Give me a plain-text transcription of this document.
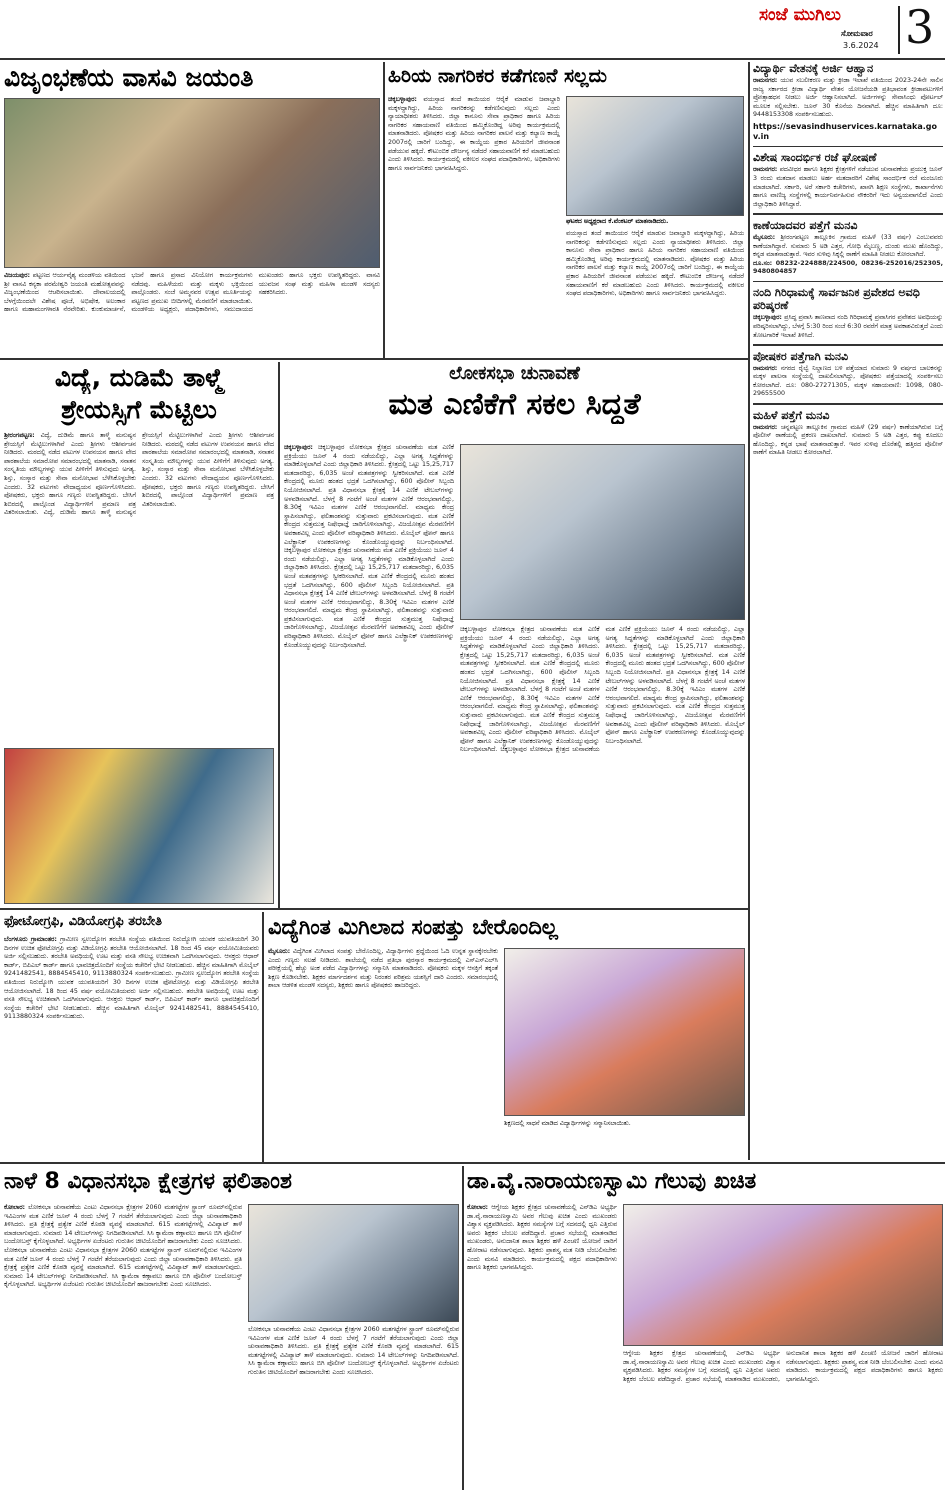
ಸಂಜೆ ಮುಗಿಲು
ಸೋಮವಾರ
3.6.2024 3
ವಿಜೃಂಭಣೆಯ ವಾಸವಿ ಜಯಂತಿ
ವಿಜಯಪುರ: ಪಟ್ಟಣದ ಆರ್ಯವೈಶ್ಯ ಮಂಡಳಿಯ ವತಿಯಿಂದ ಶ್ರೀ ವಾಸವಿ ಕನ್ಯಕಾ ಪರಮೇಶ್ವರಿ ಜಯಂತಿ ಮಹೋತ್ಸವವನ್ನು ವಿಜೃಂಭಣೆಯಿಂದ ಆಚರಿಸಲಾಯಿತು. ದೇವಾಲಯದಲ್ಲಿ ಬೆಳಗ್ಗೆಯಿಂದಲೇ ವಿಶೇಷ ಪೂಜೆ, ಅಭಿಷೇಕ, ಅಲಂಕಾರ ಹಾಗೂ ಮಹಾಮಂಗಳಾರತಿ ನೆರವೇರಿತು. ಕುಂಕುಮಾರ್ಚನೆ, ಭಜನೆ ಹಾಗೂ ಪ್ರಸಾದ ವಿನಿಯೋಗ ಕಾರ್ಯಕ್ರಮಗಳು ನಡೆದವು. ಮಹಿಳೆಯರು ಮತ್ತು ಮಕ್ಕಳು ಭಕ್ತಿಯಿಂದ ಪಾಲ್ಗೊಂಡರು. ಸಂಜೆ ಅಮ್ಮನವರ ಉತ್ಸವ ಮೂರ್ತಿಯನ್ನು ಪಟ್ಟಣದ ಪ್ರಮುಖ ಬೀದಿಗಳಲ್ಲಿ ಮೆರವಣಿಗೆ ಮಾಡಲಾಯಿತು. ಮಂಡಳಿಯ ಅಧ್ಯಕ್ಷರು, ಪದಾಧಿಕಾರಿಗಳು, ಸಮುದಾಯದ ಮುಖಂಡರು ಹಾಗೂ ಭಕ್ತರು ಉಪಸ್ಥಿತರಿದ್ದರು. ವಾಸವಿ ಯುವಜನ ಸಂಘ ಮತ್ತು ಮಹಿಳಾ ಮಂಡಳಿ ಸದಸ್ಯರು ಸಹಕರಿಸಿದರು.
ಹಿರಿಯ ನಾಗರಿಕರ ಕಡೆಗಣನೆ ಸಲ್ಲದು
ಚಿಕ್ಕಬಳ್ಳಾಪುರ: ವಯಸ್ಸಾದ ತಂದೆ ತಾಯಿಯರ ಆರೈಕೆ ಮಾಡುವ ಜವಾಬ್ದಾರಿ ಮಕ್ಕಳದ್ದಾಗಿದ್ದು, ಹಿರಿಯ ನಾಗರಿಕರನ್ನು ಕಡೆಗಣಿಸುವುದು ಸಲ್ಲದು ಎಂದು ನ್ಯಾಯಾಧೀಶರು ತಿಳಿಸಿದರು. ಜಿಲ್ಲಾ ಕಾನೂನು ಸೇವಾ ಪ್ರಾಧಿಕಾರ ಹಾಗೂ ಹಿರಿಯ ನಾಗರಿಕರ ಸಹಾಯವಾಣಿ ವತಿಯಿಂದ ಹಮ್ಮಿಕೊಂಡಿದ್ದ ಅರಿವು ಕಾರ್ಯಕ್ರಮದಲ್ಲಿ ಮಾತನಾಡಿದರು. ಪೋಷಕರ ಮತ್ತು ಹಿರಿಯ ನಾಗರಿಕರ ಪಾಲನೆ ಮತ್ತು ಕಲ್ಯಾಣ ಕಾಯ್ದೆ 2007ರಲ್ಲಿ ಜಾರಿಗೆ ಬಂದಿದ್ದು, ಈ ಕಾಯ್ದೆಯ ಪ್ರಕಾರ ಹಿರಿಯರಿಗೆ ಜೀವನಾಂಶ ಪಡೆಯುವ ಹಕ್ಕಿದೆ. ಕೌಟುಂಬಿಕ ದೌರ್ಜನ್ಯ ನಡೆದರೆ ಸಹಾಯವಾಣಿಗೆ ಕರೆ ಮಾಡಬಹುದು ಎಂದು ತಿಳಿಸಿದರು. ಕಾರ್ಯಕ್ರಮದಲ್ಲಿ ವಕೀಲರ ಸಂಘದ ಪದಾಧಿಕಾರಿಗಳು, ಅಧಿಕಾರಿಗಳು ಹಾಗೂ ಸಾರ್ವಜನಿಕರು ಭಾಗವಹಿಸಿದ್ದರು.
ಘಟಕದ ಅಧ್ಯಕ್ಷರಾದ ಕೆ.ವೆಂಕಟರ್ ಮಾತನಾಡಿದರು.
ವಯಸ್ಸಾದ ತಂದೆ ತಾಯಿಯರ ಆರೈಕೆ ಮಾಡುವ ಜವಾಬ್ದಾರಿ ಮಕ್ಕಳದ್ದಾಗಿದ್ದು, ಹಿರಿಯ ನಾಗರಿಕರನ್ನು ಕಡೆಗಣಿಸುವುದು ಸಲ್ಲದು ಎಂದು ನ್ಯಾಯಾಧೀಶರು ತಿಳಿಸಿದರು. ಜಿಲ್ಲಾ ಕಾನೂನು ಸೇವಾ ಪ್ರಾಧಿಕಾರ ಹಾಗೂ ಹಿರಿಯ ನಾಗರಿಕರ ಸಹಾಯವಾಣಿ ವತಿಯಿಂದ ಹಮ್ಮಿಕೊಂಡಿದ್ದ ಅರಿವು ಕಾರ್ಯಕ್ರಮದಲ್ಲಿ ಮಾತನಾಡಿದರು. ಪೋಷಕರ ಮತ್ತು ಹಿರಿಯ ನಾಗರಿಕರ ಪಾಲನೆ ಮತ್ತು ಕಲ್ಯಾಣ ಕಾಯ್ದೆ 2007ರಲ್ಲಿ ಜಾರಿಗೆ ಬಂದಿದ್ದು, ಈ ಕಾಯ್ದೆಯ ಪ್ರಕಾರ ಹಿರಿಯರಿಗೆ ಜೀವನಾಂಶ ಪಡೆಯುವ ಹಕ್ಕಿದೆ. ಕೌಟುಂಬಿಕ ದೌರ್ಜನ್ಯ ನಡೆದರೆ ಸಹಾಯವಾಣಿಗೆ ಕರೆ ಮಾಡಬಹುದು ಎಂದು ತಿಳಿಸಿದರು. ಕಾರ್ಯಕ್ರಮದಲ್ಲಿ ವಕೀಲರ ಸಂಘದ ಪದಾಧಿಕಾರಿಗಳು, ಅಧಿಕಾರಿಗಳು ಹಾಗೂ ಸಾರ್ವಜನಿಕರು ಭಾಗವಹಿಸಿದ್ದರು.
ವಿದ್ಯೆ, ದುಡಿಮೆ ತಾಳ್ಮೆ
ಶ್ರೇಯಸ್ಸಿಗೆ ಮೆಟ್ಟಿಲು
ಶ್ರೀರಂಗಪಟ್ಟಣ: ವಿದ್ಯೆ, ದುಡಿಮೆ ಹಾಗೂ ತಾಳ್ಮೆ ಮನುಷ್ಯನ ಶ್ರೇಯಸ್ಸಿಗೆ ಮೆಟ್ಟಿಲುಗಳಾಗಿವೆ ಎಂದು ಶ್ರೀಗಳು ಆಶೀರ್ವಚನ ನೀಡಿದರು. ಮಠದಲ್ಲಿ ನಡೆದ ವಟುಗಳ ಉಪನಯನ ಹಾಗೂ ವೇದ ಪಾಠಶಾಲೆಯ ಸಮಾರೋಪ ಸಮಾರಂಭದಲ್ಲಿ ಮಾತನಾಡಿ, ಸನಾತನ ಸಂಸ್ಕೃತಿಯ ಮೌಲ್ಯಗಳನ್ನು ಯುವ ಪೀಳಿಗೆಗೆ ತಿಳಿಸುವುದು ಅಗತ್ಯ. ಶಿಸ್ತು, ಸಂಸ್ಕಾರ ಮತ್ತು ಸೇವಾ ಮನೋಭಾವ ಬೆಳೆಸಿಕೊಳ್ಳಬೇಕು ಎಂದರು. 32 ವಟುಗಳು ವೇದಾಧ್ಯಯನ ಪೂರ್ಣಗೊಳಿಸಿದರು. ಪೋಷಕರು, ಭಕ್ತರು ಹಾಗೂ ಗಣ್ಯರು ಉಪಸ್ಥಿತರಿದ್ದರು. ಬೇಸಿಗೆ ಶಿಬಿರದಲ್ಲಿ ಪಾಲ್ಗೊಂಡ ವಿದ್ಯಾರ್ಥಿಗಳಿಗೆ ಪ್ರಮಾಣ ಪತ್ರ ವಿತರಿಸಲಾಯಿತು. ವಿದ್ಯೆ, ದುಡಿಮೆ ಹಾಗೂ ತಾಳ್ಮೆ ಮನುಷ್ಯನ ಶ್ರೇಯಸ್ಸಿಗೆ ಮೆಟ್ಟಿಲುಗಳಾಗಿವೆ ಎಂದು ಶ್ರೀಗಳು ಆಶೀರ್ವಚನ ನೀಡಿದರು. ಮಠದಲ್ಲಿ ನಡೆದ ವಟುಗಳ ಉಪನಯನ ಹಾಗೂ ವೇದ ಪಾಠಶಾಲೆಯ ಸಮಾರೋಪ ಸಮಾರಂಭದಲ್ಲಿ ಮಾತನಾಡಿ, ಸನಾತನ ಸಂಸ್ಕೃತಿಯ ಮೌಲ್ಯಗಳನ್ನು ಯುವ ಪೀಳಿಗೆಗೆ ತಿಳಿಸುವುದು ಅಗತ್ಯ. ಶಿಸ್ತು, ಸಂಸ್ಕಾರ ಮತ್ತು ಸೇವಾ ಮನೋಭಾವ ಬೆಳೆಸಿಕೊಳ್ಳಬೇಕು ಎಂದರು. 32 ವಟುಗಳು ವೇದಾಧ್ಯಯನ ಪೂರ್ಣಗೊಳಿಸಿದರು. ಪೋಷಕರು, ಭಕ್ತರು ಹಾಗೂ ಗಣ್ಯರು ಉಪಸ್ಥಿತರಿದ್ದರು. ಬೇಸಿಗೆ ಶಿಬಿರದಲ್ಲಿ ಪಾಲ್ಗೊಂಡ ವಿದ್ಯಾರ್ಥಿಗಳಿಗೆ ಪ್ರಮಾಣ ಪತ್ರ ವಿತರಿಸಲಾಯಿತು.
ಲೋಕಸಭಾ ಚುನಾವಣೆ
ಮತ ಎಣಿಕೆಗೆ ಸಕಲ ಸಿದ್ಧತೆ
ಚಿಕ್ಕಬಳ್ಳಾಪುರ: ಚಿಕ್ಕಬಳ್ಳಾಪುರ ಲೋಕಸಭಾ ಕ್ಷೇತ್ರದ ಚುನಾವಣೆಯ ಮತ ಎಣಿಕೆ ಪ್ರಕ್ರಿಯೆಯು ಜೂನ್ 4 ರಂದು ನಡೆಯಲಿದ್ದು, ಎಲ್ಲಾ ಅಗತ್ಯ ಸಿದ್ಧತೆಗಳನ್ನು ಮಾಡಿಕೊಳ್ಳಲಾಗಿದೆ ಎಂದು ಜಿಲ್ಲಾಧಿಕಾರಿ ತಿಳಿಸಿದರು. ಕ್ಷೇತ್ರದಲ್ಲಿ ಒಟ್ಟು 15,25,717 ಮತದಾರರಿದ್ದು, 6,035 ಅಂಚೆ ಮತಪತ್ರಗಳನ್ನು ಸ್ವೀಕರಿಸಲಾಗಿದೆ. ಮತ ಎಣಿಕೆ ಕೇಂದ್ರದಲ್ಲಿ ಮೂರು ಹಂತದ ಭದ್ರತೆ ಒದಗಿಸಲಾಗಿದ್ದು, 600 ಪೊಲೀಸ್ ಸಿಬ್ಬಂದಿ ನಿಯೋಜಿಸಲಾಗಿದೆ. ಪ್ರತಿ ವಿಧಾನಸಭಾ ಕ್ಷೇತ್ರಕ್ಕೆ 14 ಎಣಿಕೆ ಟೇಬಲ್‌ಗಳನ್ನು ಅಳವಡಿಸಲಾಗಿದೆ. ಬೆಳಗ್ಗೆ 8 ಗಂಟೆಗೆ ಅಂಚೆ ಮತಗಳ ಎಣಿಕೆ ಆರಂಭವಾಗಲಿದ್ದು, 8.30ಕ್ಕೆ ಇವಿಎಂ ಮತಗಳ ಎಣಿಕೆ ಆರಂಭವಾಗಲಿದೆ. ಮಾಧ್ಯಮ ಕೇಂದ್ರ ಸ್ಥಾಪಿಸಲಾಗಿದ್ದು, ಫಲಿತಾಂಶವನ್ನು ಸುತ್ತುವಾರು ಪ್ರಕಟಿಸಲಾಗುವುದು. ಮತ ಎಣಿಕೆ ಕೇಂದ್ರದ ಸುತ್ತಮುತ್ತ ನಿಷೇಧಾಜ್ಞೆ ಜಾರಿಗೊಳಿಸಲಾಗಿದ್ದು, ವಿಜಯೋತ್ಸವ ಮೆರವಣಿಗೆಗೆ ಅವಕಾಶವಿಲ್ಲ ಎಂದು ಪೊಲೀಸ್ ವರಿಷ್ಠಾಧಿಕಾರಿ ತಿಳಿಸಿದರು. ಮೊಬೈಲ್ ಫೋನ್ ಹಾಗೂ ಎಲೆಕ್ಟ್ರಾನಿಕ್ ಉಪಕರಣಗಳನ್ನು ಕೊಂಡೊಯ್ಯುವುದನ್ನು ನಿರ್ಬಂಧಿಸಲಾಗಿದೆ. ಚಿಕ್ಕಬಳ್ಳಾಪುರ ಲೋಕಸಭಾ ಕ್ಷೇತ್ರದ ಚುನಾವಣೆಯ ಮತ ಎಣಿಕೆ ಪ್ರಕ್ರಿಯೆಯು ಜೂನ್ 4 ರಂದು ನಡೆಯಲಿದ್ದು, ಎಲ್ಲಾ ಅಗತ್ಯ ಸಿದ್ಧತೆಗಳನ್ನು ಮಾಡಿಕೊಳ್ಳಲಾಗಿದೆ ಎಂದು ಜಿಲ್ಲಾಧಿಕಾರಿ ತಿಳಿಸಿದರು. ಕ್ಷೇತ್ರದಲ್ಲಿ ಒಟ್ಟು 15,25,717 ಮತದಾರರಿದ್ದು, 6,035 ಅಂಚೆ ಮತಪತ್ರಗಳನ್ನು ಸ್ವೀಕರಿಸಲಾಗಿದೆ. ಮತ ಎಣಿಕೆ ಕೇಂದ್ರದಲ್ಲಿ ಮೂರು ಹಂತದ ಭದ್ರತೆ ಒದಗಿಸಲಾಗಿದ್ದು, 600 ಪೊಲೀಸ್ ಸಿಬ್ಬಂದಿ ನಿಯೋಜಿಸಲಾಗಿದೆ. ಪ್ರತಿ ವಿಧಾನಸಭಾ ಕ್ಷೇತ್ರಕ್ಕೆ 14 ಎಣಿಕೆ ಟೇಬಲ್‌ಗಳನ್ನು ಅಳವಡಿಸಲಾಗಿದೆ. ಬೆಳಗ್ಗೆ 8 ಗಂಟೆಗೆ ಅಂಚೆ ಮತಗಳ ಎಣಿಕೆ ಆರಂಭವಾಗಲಿದ್ದು, 8.30ಕ್ಕೆ ಇವಿಎಂ ಮತಗಳ ಎಣಿಕೆ ಆರಂಭವಾಗಲಿದೆ. ಮಾಧ್ಯಮ ಕೇಂದ್ರ ಸ್ಥಾಪಿಸಲಾಗಿದ್ದು, ಫಲಿತಾಂಶವನ್ನು ಸುತ್ತುವಾರು ಪ್ರಕಟಿಸಲಾಗುವುದು. ಮತ ಎಣಿಕೆ ಕೇಂದ್ರದ ಸುತ್ತಮುತ್ತ ನಿಷೇಧಾಜ್ಞೆ ಜಾರಿಗೊಳಿಸಲಾಗಿದ್ದು, ವಿಜಯೋತ್ಸವ ಮೆರವಣಿಗೆಗೆ ಅವಕಾಶವಿಲ್ಲ ಎಂದು ಪೊಲೀಸ್ ವರಿಷ್ಠಾಧಿಕಾರಿ ತಿಳಿಸಿದರು. ಮೊಬೈಲ್ ಫೋನ್ ಹಾಗೂ ಎಲೆಕ್ಟ್ರಾನಿಕ್ ಉಪಕರಣಗಳನ್ನು ಕೊಂಡೊಯ್ಯುವುದನ್ನು ನಿರ್ಬಂಧಿಸಲಾಗಿದೆ.
ಚಿಕ್ಕಬಳ್ಳಾಪುರ ಲೋಕಸಭಾ ಕ್ಷೇತ್ರದ ಚುನಾವಣೆಯ ಮತ ಎಣಿಕೆ ಪ್ರಕ್ರಿಯೆಯು ಜೂನ್ 4 ರಂದು ನಡೆಯಲಿದ್ದು, ಎಲ್ಲಾ ಅಗತ್ಯ ಸಿದ್ಧತೆಗಳನ್ನು ಮಾಡಿಕೊಳ್ಳಲಾಗಿದೆ ಎಂದು ಜಿಲ್ಲಾಧಿಕಾರಿ ತಿಳಿಸಿದರು. ಕ್ಷೇತ್ರದಲ್ಲಿ ಒಟ್ಟು 15,25,717 ಮತದಾರರಿದ್ದು, 6,035 ಅಂಚೆ ಮತಪತ್ರಗಳನ್ನು ಸ್ವೀಕರಿಸಲಾಗಿದೆ. ಮತ ಎಣಿಕೆ ಕೇಂದ್ರದಲ್ಲಿ ಮೂರು ಹಂತದ ಭದ್ರತೆ ಒದಗಿಸಲಾಗಿದ್ದು, 600 ಪೊಲೀಸ್ ಸಿಬ್ಬಂದಿ ನಿಯೋಜಿಸಲಾಗಿದೆ. ಪ್ರತಿ ವಿಧಾನಸಭಾ ಕ್ಷೇತ್ರಕ್ಕೆ 14 ಎಣಿಕೆ ಟೇಬಲ್‌ಗಳನ್ನು ಅಳವಡಿಸಲಾಗಿದೆ. ಬೆಳಗ್ಗೆ 8 ಗಂಟೆಗೆ ಅಂಚೆ ಮತಗಳ ಎಣಿಕೆ ಆರಂಭವಾಗಲಿದ್ದು, 8.30ಕ್ಕೆ ಇವಿಎಂ ಮತಗಳ ಎಣಿಕೆ ಆರಂಭವಾಗಲಿದೆ. ಮಾಧ್ಯಮ ಕೇಂದ್ರ ಸ್ಥಾಪಿಸಲಾಗಿದ್ದು, ಫಲಿತಾಂಶವನ್ನು ಸುತ್ತುವಾರು ಪ್ರಕಟಿಸಲಾಗುವುದು. ಮತ ಎಣಿಕೆ ಕೇಂದ್ರದ ಸುತ್ತಮುತ್ತ ನಿಷೇಧಾಜ್ಞೆ ಜಾರಿಗೊಳಿಸಲಾಗಿದ್ದು, ವಿಜಯೋತ್ಸವ ಮೆರವಣಿಗೆಗೆ ಅವಕಾಶವಿಲ್ಲ ಎಂದು ಪೊಲೀಸ್ ವರಿಷ್ಠಾಧಿಕಾರಿ ತಿಳಿಸಿದರು. ಮೊಬೈಲ್ ಫೋನ್ ಹಾಗೂ ಎಲೆಕ್ಟ್ರಾನಿಕ್ ಉಪಕರಣಗಳನ್ನು ಕೊಂಡೊಯ್ಯುವುದನ್ನು ನಿರ್ಬಂಧಿಸಲಾಗಿದೆ. ಚಿಕ್ಕಬಳ್ಳಾಪುರ ಲೋಕಸಭಾ ಕ್ಷೇತ್ರದ ಚುನಾವಣೆಯ ಮತ ಎಣಿಕೆ ಪ್ರಕ್ರಿಯೆಯು ಜೂನ್ 4 ರಂದು ನಡೆಯಲಿದ್ದು, ಎಲ್ಲಾ ಅಗತ್ಯ ಸಿದ್ಧತೆಗಳನ್ನು ಮಾಡಿಕೊಳ್ಳಲಾಗಿದೆ ಎಂದು ಜಿಲ್ಲಾಧಿಕಾರಿ ತಿಳಿಸಿದರು. ಕ್ಷೇತ್ರದಲ್ಲಿ ಒಟ್ಟು 15,25,717 ಮತದಾರರಿದ್ದು, 6,035 ಅಂಚೆ ಮತಪತ್ರಗಳನ್ನು ಸ್ವೀಕರಿಸಲಾಗಿದೆ. ಮತ ಎಣಿಕೆ ಕೇಂದ್ರದಲ್ಲಿ ಮೂರು ಹಂತದ ಭದ್ರತೆ ಒದಗಿಸಲಾಗಿದ್ದು, 600 ಪೊಲೀಸ್ ಸಿಬ್ಬಂದಿ ನಿಯೋಜಿಸಲಾಗಿದೆ. ಪ್ರತಿ ವಿಧಾನಸಭಾ ಕ್ಷೇತ್ರಕ್ಕೆ 14 ಎಣಿಕೆ ಟೇಬಲ್‌ಗಳನ್ನು ಅಳವಡಿಸಲಾಗಿದೆ. ಬೆಳಗ್ಗೆ 8 ಗಂಟೆಗೆ ಅಂಚೆ ಮತಗಳ ಎಣಿಕೆ ಆರಂಭವಾಗಲಿದ್ದು, 8.30ಕ್ಕೆ ಇವಿಎಂ ಮತಗಳ ಎಣಿಕೆ ಆರಂಭವಾಗಲಿದೆ. ಮಾಧ್ಯಮ ಕೇಂದ್ರ ಸ್ಥಾಪಿಸಲಾಗಿದ್ದು, ಫಲಿತಾಂಶವನ್ನು ಸುತ್ತುವಾರು ಪ್ರಕಟಿಸಲಾಗುವುದು. ಮತ ಎಣಿಕೆ ಕೇಂದ್ರದ ಸುತ್ತಮುತ್ತ ನಿಷೇಧಾಜ್ಞೆ ಜಾರಿಗೊಳಿಸಲಾಗಿದ್ದು, ವಿಜಯೋತ್ಸವ ಮೆರವಣಿಗೆಗೆ ಅವಕಾಶವಿಲ್ಲ ಎಂದು ಪೊಲೀಸ್ ವರಿಷ್ಠಾಧಿಕಾರಿ ತಿಳಿಸಿದರು. ಮೊಬೈಲ್ ಫೋನ್ ಹಾಗೂ ಎಲೆಕ್ಟ್ರಾನಿಕ್ ಉಪಕರಣಗಳನ್ನು ಕೊಂಡೊಯ್ಯುವುದನ್ನು ನಿರ್ಬಂಧಿಸಲಾಗಿದೆ.
ಫೋಟೋಗ್ರಫಿ, ವಿಡಿಯೋಗ್ರಫಿ ತರಬೇತಿ
ಬೆಂಗಳೂರು ಗ್ರಾಮಾಂತರ: ಗ್ರಾಮೀಣ ಸ್ವಉದ್ಯೋಗ ತರಬೇತಿ ಸಂಸ್ಥೆಯ ವತಿಯಿಂದ ನಿರುದ್ಯೋಗಿ ಯುವಕ ಯುವತಿಯರಿಗೆ 30 ದಿನಗಳ ಉಚಿತ ಫೋಟೋಗ್ರಫಿ ಮತ್ತು ವಿಡಿಯೋಗ್ರಫಿ ತರಬೇತಿ ಆಯೋಜಿಸಲಾಗಿದೆ. 18 ರಿಂದ 45 ವರ್ಷ ವಯೋಮಿತಿಯವರು ಅರ್ಜಿ ಸಲ್ಲಿಸಬಹುದು. ತರಬೇತಿ ಅವಧಿಯಲ್ಲಿ ಊಟ ಮತ್ತು ವಸತಿ ಸೌಲಭ್ಯ ಉಚಿತವಾಗಿ ಒದಗಿಸಲಾಗುವುದು. ಆಸಕ್ತರು ಆಧಾರ್ ಕಾರ್ಡ್, ಬಿಪಿಎಲ್ ಕಾರ್ಡ್ ಹಾಗೂ ಭಾವಚಿತ್ರದೊಂದಿಗೆ ಸಂಸ್ಥೆಯ ಕಚೇರಿಗೆ ಭೇಟಿ ನೀಡಬಹುದು. ಹೆಚ್ಚಿನ ಮಾಹಿತಿಗಾಗಿ ಮೊಬೈಲ್ 9241482541, 8884545410, 9113880324 ಸಂಪರ್ಕಿಸಬಹುದು. ಗ್ರಾಮೀಣ ಸ್ವಉದ್ಯೋಗ ತರಬೇತಿ ಸಂಸ್ಥೆಯ ವತಿಯಿಂದ ನಿರುದ್ಯೋಗಿ ಯುವಕ ಯುವತಿಯರಿಗೆ 30 ದಿನಗಳ ಉಚಿತ ಫೋಟೋಗ್ರಫಿ ಮತ್ತು ವಿಡಿಯೋಗ್ರಫಿ ತರಬೇತಿ ಆಯೋಜಿಸಲಾಗಿದೆ. 18 ರಿಂದ 45 ವರ್ಷ ವಯೋಮಿತಿಯವರು ಅರ್ಜಿ ಸಲ್ಲಿಸಬಹುದು. ತರಬೇತಿ ಅವಧಿಯಲ್ಲಿ ಊಟ ಮತ್ತು ವಸತಿ ಸೌಲಭ್ಯ ಉಚಿತವಾಗಿ ಒದಗಿಸಲಾಗುವುದು. ಆಸಕ್ತರು ಆಧಾರ್ ಕಾರ್ಡ್, ಬಿಪಿಎಲ್ ಕಾರ್ಡ್ ಹಾಗೂ ಭಾವಚಿತ್ರದೊಂದಿಗೆ ಸಂಸ್ಥೆಯ ಕಚೇರಿಗೆ ಭೇಟಿ ನೀಡಬಹುದು. ಹೆಚ್ಚಿನ ಮಾಹಿತಿಗಾಗಿ ಮೊಬೈಲ್ 9241482541, 8884545410, 9113880324 ಸಂಪರ್ಕಿಸಬಹುದು.
ವಿದ್ಯೆಗಿಂತ ಮಿಗಿಲಾದ ಸಂಪತ್ತು ಬೇರೊಂದಿಲ್ಲ
ಮೈಸೂರು: ವಿದ್ಯೆಗಿಂತ ಮಿಗಿಲಾದ ಸಂಪತ್ತು ಬೇರೊಂದಿಲ್ಲ, ವಿದ್ಯಾರ್ಥಿಗಳು ಶ್ರದ್ಧೆಯಿಂದ ಓದಿ ಉನ್ನತ ಸ್ಥಾನಕ್ಕೇರಬೇಕು ಎಂದು ಗಣ್ಯರು ಸಲಹೆ ನೀಡಿದರು. ಶಾಲೆಯಲ್ಲಿ ನಡೆದ ಪ್ರತಿಭಾ ಪುರಸ್ಕಾರ ಕಾರ್ಯಕ್ರಮದಲ್ಲಿ ಎಸ್ಎಸ್ಎಲ್‌ಸಿ ಪರೀಕ್ಷೆಯಲ್ಲಿ ಹೆಚ್ಚು ಅಂಕ ಪಡೆದ ವಿದ್ಯಾರ್ಥಿಗಳನ್ನು ಸನ್ಮಾನಿಸಿ ಮಾತನಾಡಿದರು. ಪೋಷಕರು ಮಕ್ಕಳ ಆಸಕ್ತಿಗೆ ತಕ್ಕಂತೆ ಶಿಕ್ಷಣ ಕೊಡಿಸಬೇಕು. ಶಿಕ್ಷಕರ ಮಾರ್ಗದರ್ಶನ ಮತ್ತು ನಿರಂತರ ಪರಿಶ್ರಮ ಯಶಸ್ಸಿಗೆ ದಾರಿ ಎಂದರು. ಸಮಾರಂಭದಲ್ಲಿ ಶಾಲಾ ಆಡಳಿತ ಮಂಡಳಿ ಸದಸ್ಯರು, ಶಿಕ್ಷಕರು ಹಾಗೂ ಪೋಷಕರು ಹಾಜರಿದ್ದರು.
ಶಿಕ್ಷಣದಲ್ಲಿ ಸಾಧನೆ ಮಾಡಿದ ವಿದ್ಯಾರ್ಥಿಗಳನ್ನು ಸನ್ಮಾನಿಸಲಾಯಿತು.
ವಿದ್ಯಾರ್ಥಿ ವೇತನಕ್ಕೆ ಅರ್ಜಿ ಆಹ್ವಾನ
ರಾಮನಗರ: ಯುವ ಸಬಲೀಕರಣ ಮತ್ತು ಕ್ರೀಡಾ ಇಲಾಖೆ ವತಿಯಿಂದ 2023-24ನೇ ಸಾಲಿನ ರಾಜ್ಯ ಸರ್ಕಾರದ ಕ್ರೀಡಾ ವಿದ್ಯಾರ್ಥಿ ವೇತನ ಯೋಜನೆಯಡಿ ಪ್ರತಿಭಾವಂತ ಕ್ರೀಡಾಪಟುಗಳಿಗೆ ಪ್ರೋತ್ಸಾಹಧನ ನೀಡಲು ಅರ್ಜಿ ಆಹ್ವಾನಿಸಲಾಗಿದೆ. ಅರ್ಜಿಗಳನ್ನು ಸೇವಾಸಿಂಧು ಪೋರ್ಟಲ್ ಮೂಲಕ ಸಲ್ಲಿಸಬೇಕು. ಜೂನ್ 30 ಕೊನೆಯ ದಿನವಾಗಿದೆ. ಹೆಚ್ಚಿನ ಮಾಹಿತಿಗಾಗಿ ದೂ: 9448153308 ಸಂಪರ್ಕಿಸಬಹುದು.
https://sevasindhuservices.karnataka.gov.in
ವಿಶೇಷ ಸಾಂದರ್ಭಿಕ ರಜೆ ಘೋಷಣೆ
ರಾಮನಗರ: ಪದವೀಧರ ಹಾಗೂ ಶಿಕ್ಷಕರ ಕ್ಷೇತ್ರಗಳಿಗೆ ನಡೆಯುವ ಚುನಾವಣೆಯ ಪ್ರಯುಕ್ತ ಜೂನ್ 3 ರಂದು ಮತದಾನ ಮಾಡಲು ಅರ್ಹ ಮತದಾರರಿಗೆ ವಿಶೇಷ ಸಾಂದರ್ಭಿಕ ರಜೆ ಮಂಜೂರು ಮಾಡಲಾಗಿದೆ. ಸರ್ಕಾರಿ, ಅರೆ ಸರ್ಕಾರಿ ಕಚೇರಿಗಳು, ಖಾಸಗಿ ಶಿಕ್ಷಣ ಸಂಸ್ಥೆಗಳು, ಕಾರ್ಖಾನೆಗಳು ಹಾಗೂ ವಾಣಿಜ್ಯ ಸಂಸ್ಥೆಗಳಲ್ಲಿ ಕಾರ್ಯನಿರ್ವಹಿಸುವ ನೌಕರರಿಗೆ ಇದು ಅನ್ವಯವಾಗಲಿದೆ ಎಂದು ಜಿಲ್ಲಾಧಿಕಾರಿ ತಿಳಿಸಿದ್ದಾರೆ.
ಕಾಣೆಯಾದವರ ಪತ್ತೆಗೆ ಮನವಿ
ಮೈಸೂರು: ಶ್ರೀರಂಗಪಟ್ಟಣ ತಾಲ್ಲೂಕಿನ ಗ್ರಾಮದ ಮಹಿಳೆ (33 ವರ್ಷ) ಎಂಬುವವರು ಕಾಣೆಯಾಗಿದ್ದಾರೆ. ಸುಮಾರು 5 ಅಡಿ ಎತ್ತರ, ಗೋಧಿ ಮೈಬಣ್ಣ, ದುಂಡು ಮುಖ ಹೊಂದಿದ್ದು, ಕನ್ನಡ ಮಾತನಾಡುತ್ತಾರೆ. ಇವರ ಸುಳಿವು ಸಿಕ್ಕಲ್ಲಿ ಠಾಣೆಗೆ ಮಾಹಿತಿ ನೀಡಲು ಕೋರಲಾಗಿದೆ.
ದೂ.ಸಂ: 08232-224888/224500, 08236-252016/252305, 9480804857
ನಂದಿ ಗಿರಿಧಾಮಕ್ಕೆ ಸಾರ್ವಜನಿಕ ಪ್ರವೇಶದ ಅವಧಿ ಪರಿಷ್ಕರಣೆ
ಚಿಕ್ಕಬಳ್ಳಾಪುರ: ಪ್ರಸಿದ್ಧ ಪ್ರವಾಸಿ ತಾಣವಾದ ನಂದಿ ಗಿರಿಧಾಮಕ್ಕೆ ಪ್ರವಾಸಿಗರ ಪ್ರವೇಶದ ಅವಧಿಯನ್ನು ಪರಿಷ್ಕರಿಸಲಾಗಿದ್ದು, ಬೆಳಗ್ಗೆ 5:30 ರಿಂದ ಸಂಜೆ 6:30 ರವರೆಗೆ ಮಾತ್ರ ಅವಕಾಶವಿರುತ್ತದೆ ಎಂದು ತೋಟಗಾರಿಕೆ ಇಲಾಖೆ ತಿಳಿಸಿದೆ.
ಪೋಷಕರ ಪತ್ತೆಗಾಗಿ ಮನವಿ
ರಾಮನಗರ: ನಗರದ ರೈಲ್ವೆ ನಿಲ್ದಾಣದ ಬಳಿ ಪತ್ತೆಯಾದ ಸುಮಾರು 9 ವರ್ಷದ ಬಾಲಕನನ್ನು ಮಕ್ಕಳ ಪಾಲನಾ ಸಂಸ್ಥೆಯಲ್ಲಿ ದಾಖಲಿಸಲಾಗಿದ್ದು, ಪೋಷಕರು ಪತ್ತೆಯಾದಲ್ಲಿ ಸಂಪರ್ಕಿಸಲು ಕೋರಲಾಗಿದೆ. ದೂ: 080-27271305, ಮಕ್ಕಳ ಸಹಾಯವಾಣಿ: 1098, 080-29655500
ಮಹಿಳೆ ಪತ್ತೆಗೆ ಮನವಿ
ರಾಮನಗರ: ಚನ್ನಪಟ್ಟಣ ತಾಲ್ಲೂಕಿನ ಗ್ರಾಮದ ಮಹಿಳೆ (29 ವರ್ಷ) ಕಾಣೆಯಾಗಿರುವ ಬಗ್ಗೆ ಪೊಲೀಸ್ ಠಾಣೆಯಲ್ಲಿ ಪ್ರಕರಣ ದಾಖಲಾಗಿದೆ. ಸುಮಾರು 5 ಅಡಿ ಎತ್ತರ, ಕಪ್ಪು ಕೂದಲು ಹೊಂದಿದ್ದು, ಕನ್ನಡ ಭಾಷೆ ಮಾತನಾಡುತ್ತಾರೆ. ಇವರ ಸುಳಿವು ದೊರೆತಲ್ಲಿ ಹತ್ತಿರದ ಪೊಲೀಸ್ ಠಾಣೆಗೆ ಮಾಹಿತಿ ನೀಡಲು ಕೋರಲಾಗಿದೆ.
ನಾಳೆ 8 ವಿಧಾನಸಭಾ ಕ್ಷೇತ್ರಗಳ ಫಲಿತಾಂಶ
ಕೋಲಾರ: ಲೋಕಸಭಾ ಚುನಾವಣೆಯ ಎಂಟು ವಿಧಾನಸಭಾ ಕ್ಷೇತ್ರಗಳ 2060 ಮತಗಟ್ಟೆಗಳ ಸ್ಟ್ರಾಂಗ್ ರೂಮ್‌ನಲ್ಲಿರುವ ಇವಿಎಂಗಳ ಮತ ಎಣಿಕೆ ಜೂನ್ 4 ರಂದು ಬೆಳಗ್ಗೆ 7 ಗಂಟೆಗೆ ತೆರೆಯಲಾಗುವುದು ಎಂದು ಜಿಲ್ಲಾ ಚುನಾವಣಾಧಿಕಾರಿ ತಿಳಿಸಿದರು. ಪ್ರತಿ ಕ್ಷೇತ್ರಕ್ಕೆ ಪ್ರತ್ಯೇಕ ಎಣಿಕೆ ಕೊಠಡಿ ವ್ಯವಸ್ಥೆ ಮಾಡಲಾಗಿದೆ. 615 ಮತಗಟ್ಟೆಗಳಲ್ಲಿ ವಿವಿಪ್ಯಾಟ್ ತಾಳೆ ಮಾಡಲಾಗುವುದು. ಸುಮಾರು 14 ಟೇಬಲ್‌ಗಳನ್ನು ನಿಗದಿಪಡಿಸಲಾಗಿದೆ. ಸಿಸಿ ಕ್ಯಾಮೆರಾ ಕಣ್ಗಾವಲು ಹಾಗೂ ಬಿಗಿ ಪೊಲೀಸ್ ಬಂದೋಬಸ್ತ್ ಕೈಗೊಳ್ಳಲಾಗಿದೆ. ಅಭ್ಯರ್ಥಿಗಳ ಏಜೆಂಟರು ಗುರುತಿನ ಚೀಟಿಯೊಂದಿಗೆ ಹಾಜರಾಗಬೇಕು ಎಂದು ಸೂಚಿಸಿದರು. ಲೋಕಸಭಾ ಚುನಾವಣೆಯ ಎಂಟು ವಿಧಾನಸಭಾ ಕ್ಷೇತ್ರಗಳ 2060 ಮತಗಟ್ಟೆಗಳ ಸ್ಟ್ರಾಂಗ್ ರೂಮ್‌ನಲ್ಲಿರುವ ಇವಿಎಂಗಳ ಮತ ಎಣಿಕೆ ಜೂನ್ 4 ರಂದು ಬೆಳಗ್ಗೆ 7 ಗಂಟೆಗೆ ತೆರೆಯಲಾಗುವುದು ಎಂದು ಜಿಲ್ಲಾ ಚುನಾವಣಾಧಿಕಾರಿ ತಿಳಿಸಿದರು. ಪ್ರತಿ ಕ್ಷೇತ್ರಕ್ಕೆ ಪ್ರತ್ಯೇಕ ಎಣಿಕೆ ಕೊಠಡಿ ವ್ಯವಸ್ಥೆ ಮಾಡಲಾಗಿದೆ. 615 ಮತಗಟ್ಟೆಗಳಲ್ಲಿ ವಿವಿಪ್ಯಾಟ್ ತಾಳೆ ಮಾಡಲಾಗುವುದು. ಸುಮಾರು 14 ಟೇಬಲ್‌ಗಳನ್ನು ನಿಗದಿಪಡಿಸಲಾಗಿದೆ. ಸಿಸಿ ಕ್ಯಾಮೆರಾ ಕಣ್ಗಾವಲು ಹಾಗೂ ಬಿಗಿ ಪೊಲೀಸ್ ಬಂದೋಬಸ್ತ್ ಕೈಗೊಳ್ಳಲಾಗಿದೆ. ಅಭ್ಯರ್ಥಿಗಳ ಏಜೆಂಟರು ಗುರುತಿನ ಚೀಟಿಯೊಂದಿಗೆ ಹಾಜರಾಗಬೇಕು ಎಂದು ಸೂಚಿಸಿದರು.
ಲೋಕಸಭಾ ಚುನಾವಣೆಯ ಎಂಟು ವಿಧಾನಸಭಾ ಕ್ಷೇತ್ರಗಳ 2060 ಮತಗಟ್ಟೆಗಳ ಸ್ಟ್ರಾಂಗ್ ರೂಮ್‌ನಲ್ಲಿರುವ ಇವಿಎಂಗಳ ಮತ ಎಣಿಕೆ ಜೂನ್ 4 ರಂದು ಬೆಳಗ್ಗೆ 7 ಗಂಟೆಗೆ ತೆರೆಯಲಾಗುವುದು ಎಂದು ಜಿಲ್ಲಾ ಚುನಾವಣಾಧಿಕಾರಿ ತಿಳಿಸಿದರು. ಪ್ರತಿ ಕ್ಷೇತ್ರಕ್ಕೆ ಪ್ರತ್ಯೇಕ ಎಣಿಕೆ ಕೊಠಡಿ ವ್ಯವಸ್ಥೆ ಮಾಡಲಾಗಿದೆ. 615 ಮತಗಟ್ಟೆಗಳಲ್ಲಿ ವಿವಿಪ್ಯಾಟ್ ತಾಳೆ ಮಾಡಲಾಗುವುದು. ಸುಮಾರು 14 ಟೇಬಲ್‌ಗಳನ್ನು ನಿಗದಿಪಡಿಸಲಾಗಿದೆ. ಸಿಸಿ ಕ್ಯಾಮೆರಾ ಕಣ್ಗಾವಲು ಹಾಗೂ ಬಿಗಿ ಪೊಲೀಸ್ ಬಂದೋಬಸ್ತ್ ಕೈಗೊಳ್ಳಲಾಗಿದೆ. ಅಭ್ಯರ್ಥಿಗಳ ಏಜೆಂಟರು ಗುರುತಿನ ಚೀಟಿಯೊಂದಿಗೆ ಹಾಜರಾಗಬೇಕು ಎಂದು ಸೂಚಿಸಿದರು.
ಡಾ.ವೈ.ನಾರಾಯಣಸ್ವಾಮಿ ಗೆಲುವು ಖಚಿತ
ಕೋಲಾರ: ಆಗ್ನೇಯ ಶಿಕ್ಷಕರ ಕ್ಷೇತ್ರದ ಚುನಾವಣೆಯಲ್ಲಿ ಎನ್‌ಡಿಎ ಅಭ್ಯರ್ಥಿ ಡಾ.ವೈ.ನಾರಾಯಣಸ್ವಾಮಿ ಅವರ ಗೆಲುವು ಖಚಿತ ಎಂದು ಮುಖಂಡರು ವಿಶ್ವಾಸ ವ್ಯಕ್ತಪಡಿಸಿದರು. ಶಿಕ್ಷಕರ ಸಮಸ್ಯೆಗಳ ಬಗ್ಗೆ ಸದನದಲ್ಲಿ ಧ್ವನಿ ಎತ್ತಿರುವ ಅವರು ಶಿಕ್ಷಕರ ಬೆಂಬಲ ಪಡೆದಿದ್ದಾರೆ. ಪ್ರಚಾರ ಸಭೆಯಲ್ಲಿ ಮಾತನಾಡಿದ ಮುಖಂಡರು, ಅನುದಾನಿತ ಶಾಲಾ ಶಿಕ್ಷಕರ ಹಳೆ ಪಿಂಚಣಿ ಯೋಜನೆ ಜಾರಿಗೆ ಹೋರಾಟ ನಡೆಸಲಾಗುವುದು. ಶಿಕ್ಷಕರು ಪ್ರಾಶಸ್ತ್ಯ ಮತ ನೀಡಿ ಬೆಂಬಲಿಸಬೇಕು ಎಂದು ಮನವಿ ಮಾಡಿದರು. ಕಾರ್ಯಕ್ರಮದಲ್ಲಿ ಪಕ್ಷದ ಪದಾಧಿಕಾರಿಗಳು ಹಾಗೂ ಶಿಕ್ಷಕರು ಭಾಗವಹಿಸಿದ್ದರು.
ಆಗ್ನೇಯ ಶಿಕ್ಷಕರ ಕ್ಷೇತ್ರದ ಚುನಾವಣೆಯಲ್ಲಿ ಎನ್‌ಡಿಎ ಅಭ್ಯರ್ಥಿ ಡಾ.ವೈ.ನಾರಾಯಣಸ್ವಾಮಿ ಅವರ ಗೆಲುವು ಖಚಿತ ಎಂದು ಮುಖಂಡರು ವಿಶ್ವಾಸ ವ್ಯಕ್ತಪಡಿಸಿದರು. ಶಿಕ್ಷಕರ ಸಮಸ್ಯೆಗಳ ಬಗ್ಗೆ ಸದನದಲ್ಲಿ ಧ್ವನಿ ಎತ್ತಿರುವ ಅವರು ಶಿಕ್ಷಕರ ಬೆಂಬಲ ಪಡೆದಿದ್ದಾರೆ. ಪ್ರಚಾರ ಸಭೆಯಲ್ಲಿ ಮಾತನಾಡಿದ ಮುಖಂಡರು, ಅನುದಾನಿತ ಶಾಲಾ ಶಿಕ್ಷಕರ ಹಳೆ ಪಿಂಚಣಿ ಯೋಜನೆ ಜಾರಿಗೆ ಹೋರಾಟ ನಡೆಸಲಾಗುವುದು. ಶಿಕ್ಷಕರು ಪ್ರಾಶಸ್ತ್ಯ ಮತ ನೀಡಿ ಬೆಂಬಲಿಸಬೇಕು ಎಂದು ಮನವಿ ಮಾಡಿದರು. ಕಾರ್ಯಕ್ರಮದಲ್ಲಿ ಪಕ್ಷದ ಪದಾಧಿಕಾರಿಗಳು ಹಾಗೂ ಶಿಕ್ಷಕರು ಭಾಗವಹಿಸಿದ್ದರು.
